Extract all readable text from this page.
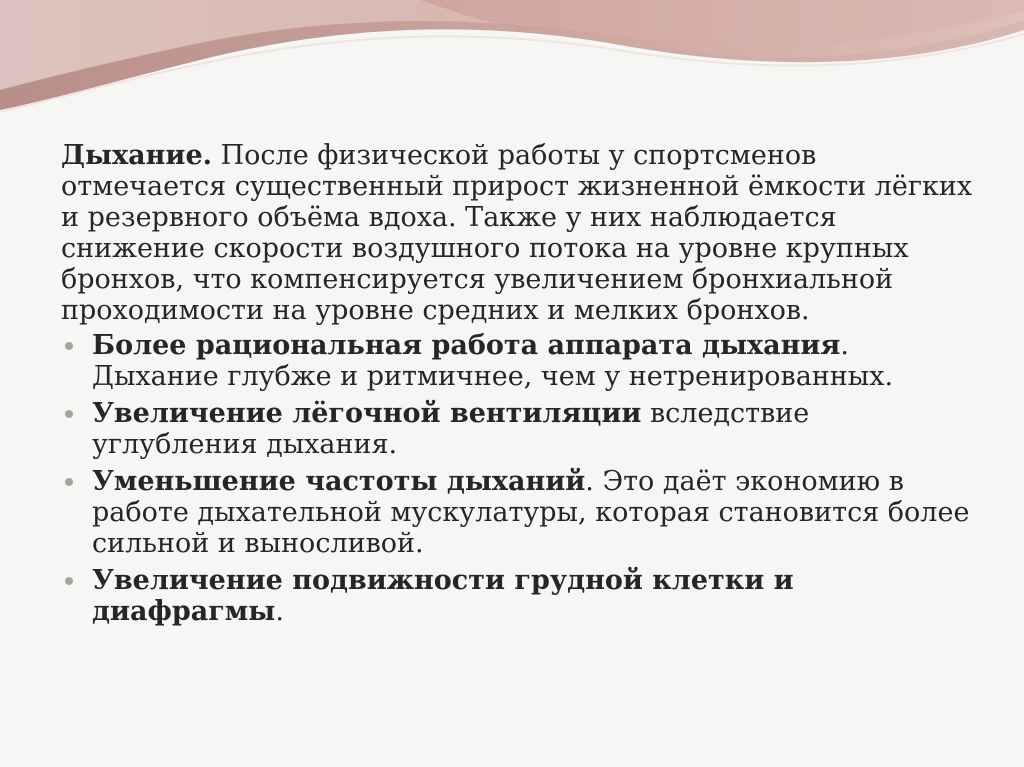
Дыхание. После физической работы у спортсменов отмечается существенный прирост жизненной ёмкости лёгких и резервного объёма вдоха. Также у них наблюдается снижение скорости воздушного потока на уровне крупных бронхов, что компенсируется увеличением бронхиальной проходимости на уровне средних и мелких бронхов.

Более рациональная работа аппарата дыхания. Дыхание глубже и ритмичнее, чем у нетренированных.
Увеличение лёгочной вентиляции вследствие углубления дыхания.
Уменьшение частоты дыханий. Это даёт экономию в работе дыхательной мускулатуры, которая становится более сильной и выносливой.
Увеличение подвижности грудной клетки и диафрагмы.
